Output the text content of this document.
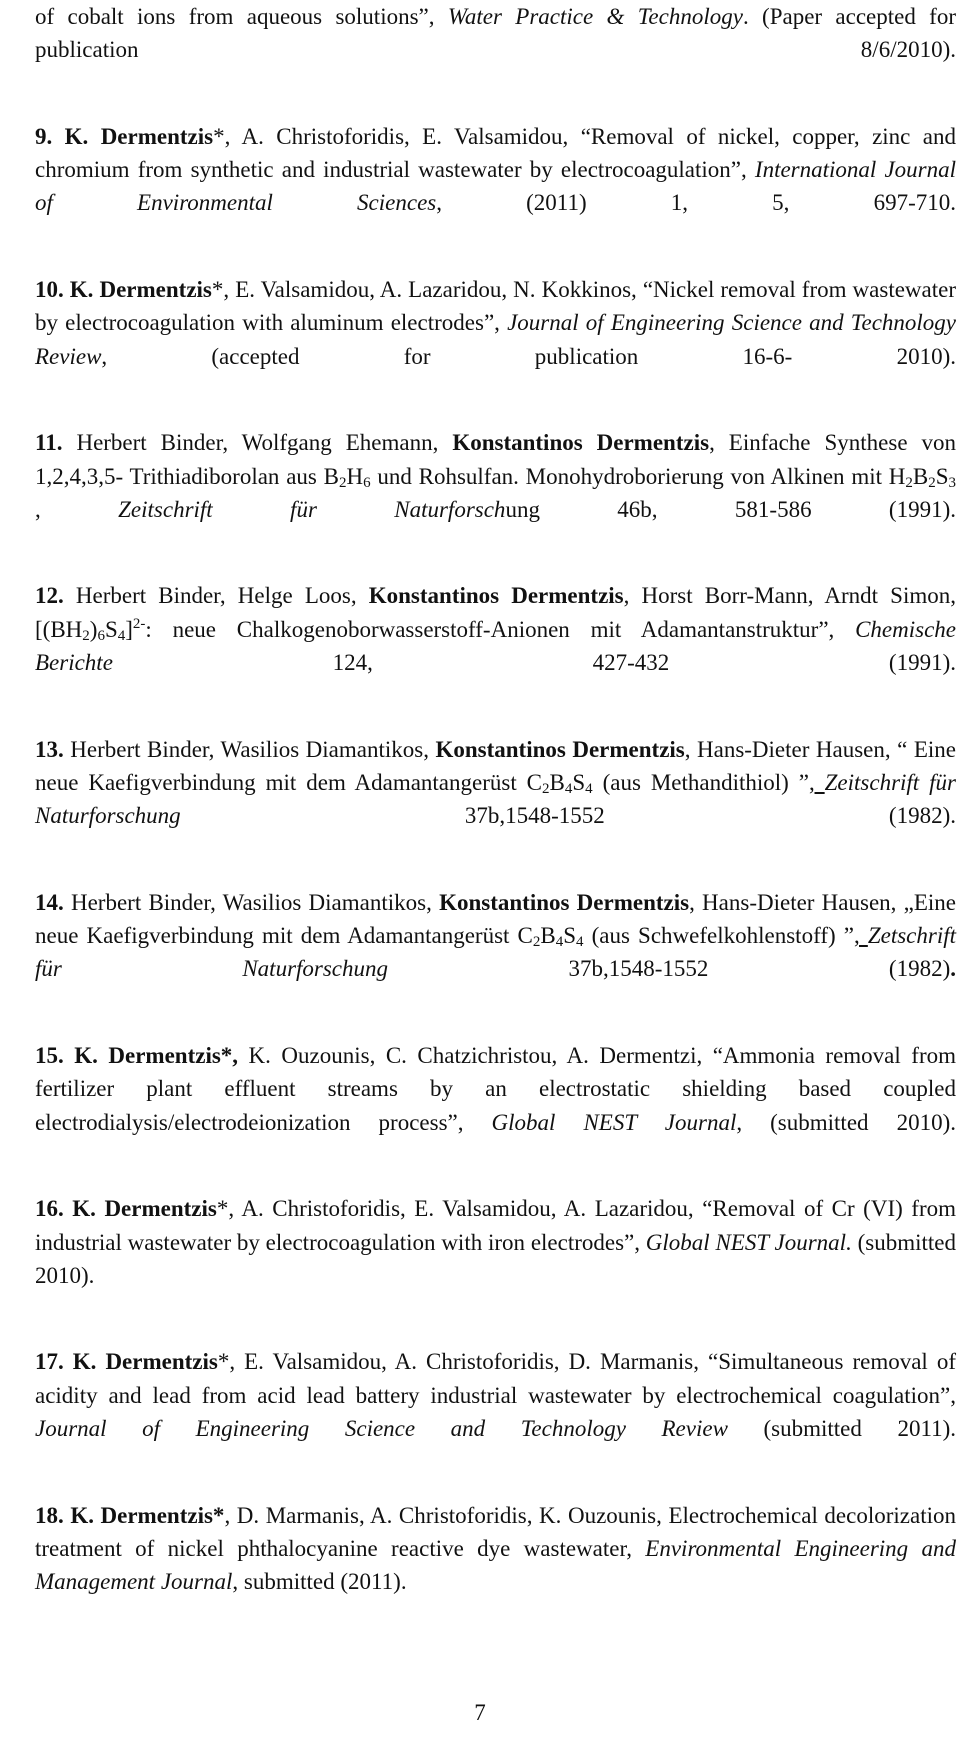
of cobalt ions from aqueous solutions”, Water Practice & Technology. (Paper accepted for publication 8/6/2010).

9. K. Dermentzis*, A. Christoforidis, E. Valsamidou, “Removal of nickel, copper, zinc and chromium from synthetic and industrial wastewater by electrocoagulation”, International Journal of Environmental Sciences, (2011) 1, 5, 697-710.

10. K. Dermentzis*, E. Valsamidou, A. Lazaridou, N. Kokkinos, “Nickel removal from wastewater by electrocoagulation with aluminum electrodes”, Journal of Engineering Science and Technology Review, (accepted for publication 16-6- 2010).

11. Herbert Binder, Wolfgang Ehemann, Konstantinos Dermentzis, Einfache Synthese von 1,2,4,3,5- Trithiadiborolan aus $B_2H_6$ und Rohsulfan. Monohydroborierung von Alkinen mit $H_2B_2S_3$ , Zeitschrift für Naturforschung 46b, 581-586 (1991).

12. Herbert Binder, Helge Loos, Konstantinos Dermentzis, Horst Borr-Mann, Arndt Simon, $[(BH_2)_6S_4]^{2-}$: neue Chalkogenoborwasserstoff-Anionen mit Adamantanstruktur”, Chemische Berichte 124, 427-432 (1991).

13. Herbert Binder, Wasilios Diamantikos, Konstantinos Dermentzis, Hans-Dieter Hausen, “ Eine neue Kaefigverbindung mit dem Adamantangerüst $C_2B_4S_4$ (aus Methandithiol) ”, Zeitschrift für Naturforschung 37b,1548-1552 (1982).

14. Herbert Binder, Wasilios Diamantikos, Konstantinos Dermentzis, Hans-Dieter Hausen, „Eine neue Kaefigverbindung mit dem Adamantangerüst $C_2B_4S_4$ (aus Schwefelkohlenstoff) ”, Zetschrift für Naturforschung 37b,1548-1552 (1982).

15. K. Dermentzis*, K. Ouzounis, C. Chatzichristou, A. Dermentzi, “Ammonia removal from fertilizer plant effluent streams by an electrostatic shielding based coupled electrodialysis/electrodeionization process”, Global NEST Journal, (submitted 2010).

16. K. Dermentzis*, A. Christoforidis, E. Valsamidou, A. Lazaridou, “Removal of Cr (VI) from industrial wastewater by electrocoagulation with iron electrodes”, Global NEST Journal. (submitted 2010).

17. K. Dermentzis*, E. Valsamidou, A. Christoforidis, D. Marmanis, “Simultaneous removal of acidity and lead from acid lead battery industrial wastewater by electrochemical coagulation”, Journal of Engineering Science and Technology Review (submitted 2011).

18. K. Dermentzis*, D. Marmanis, A. Christoforidis, K. Ouzounis, Electrochemical decolorization treatment of nickel phthalocyanine reactive dye wastewater, Environmental Engineering and Management Journal, submitted (2011).

7
